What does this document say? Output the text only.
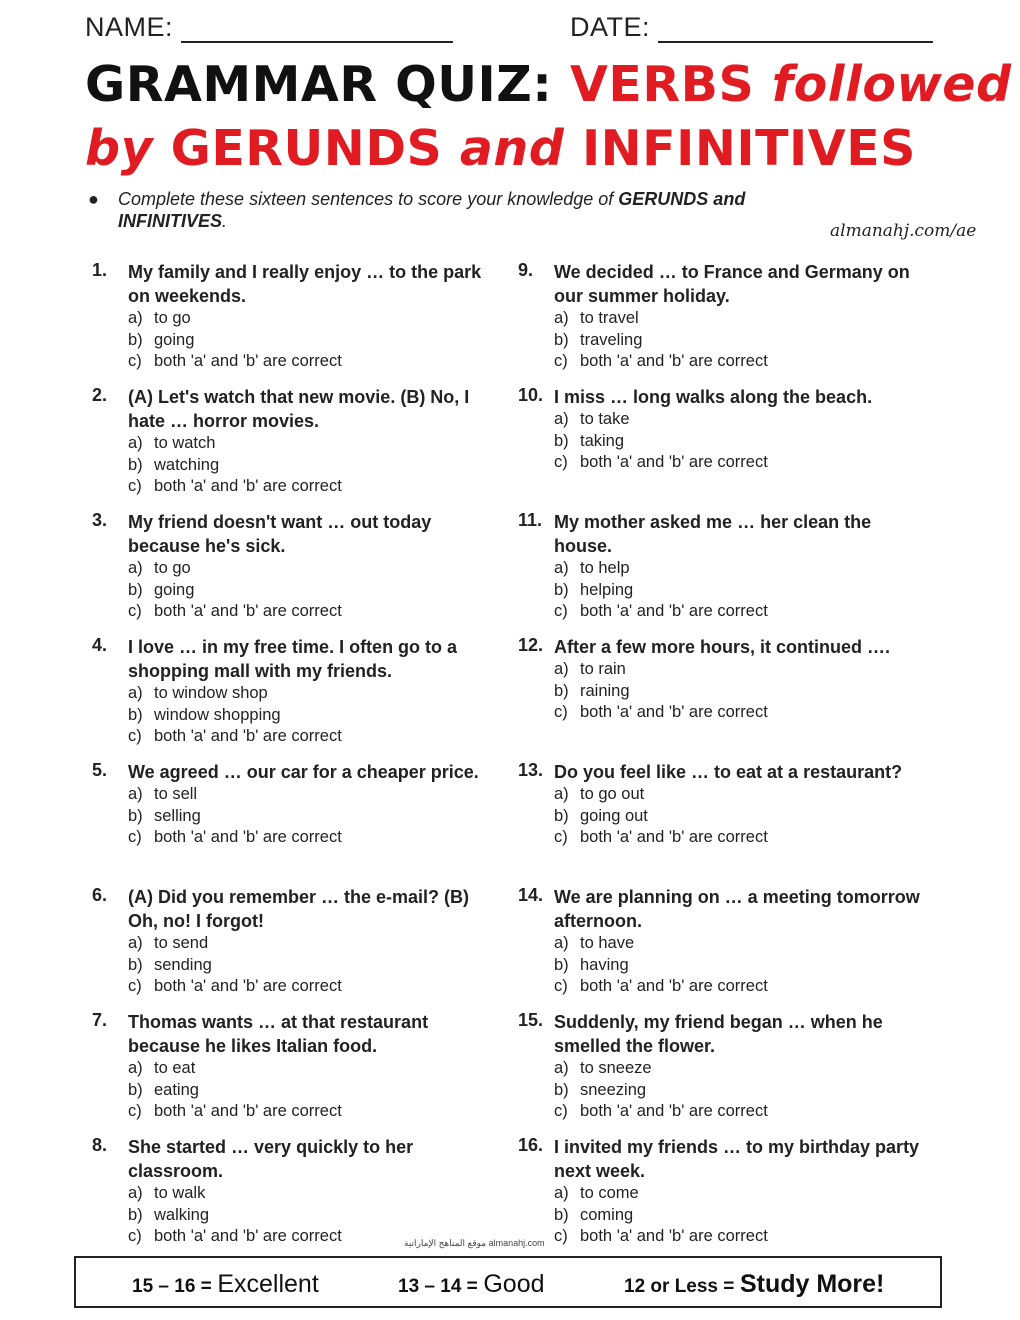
NAME:	DATE:
GRAMMAR QUIZ: VERBS followed
by GERUNDS and INFINITIVES
● Complete these sixteen sentences to score your knowledge of GERUNDS and INFINITIVES.	almanahj.com/ae
1. My family and I really enjoy … to the park on weekends.
a) to go
b) going
c) both 'a' and 'b' are correct
2. (A) Let's watch that new movie. (B) No, I hate … horror movies.
a) to watch
b) watching
c) both 'a' and 'b' are correct
3. My friend doesn't want … out today because he's sick.
a) to go
b) going
c) both 'a' and 'b' are correct
4. I love … in my free time. I often go to a shopping mall with my friends.
a) to window shop
b) window shopping
c) both 'a' and 'b' are correct
5. We agreed … our car for a cheaper price.
a) to sell
b) selling
c) both 'a' and 'b' are correct
6. (A) Did you remember … the e-mail? (B) Oh, no! I forgot!
a) to send
b) sending
c) both 'a' and 'b' are correct
7. Thomas wants … at that restaurant because he likes Italian food.
a) to eat
b) eating
c) both 'a' and 'b' are correct
8. She started … very quickly to her classroom.
a) to walk
b) walking
c) both 'a' and 'b' are correct
9. We decided … to France and Germany on our summer holiday.
a) to travel
b) traveling
c) both 'a' and 'b' are correct
10. I miss … long walks along the beach.
a) to take
b) taking
c) both 'a' and 'b' are correct
11. My mother asked me … her clean the house.
a) to help
b) helping
c) both 'a' and 'b' are correct
12. After a few more hours, it continued ….
a) to rain
b) raining
c) both 'a' and 'b' are correct
13. Do you feel like … to eat at a restaurant?
a) to go out
b) going out
c) both 'a' and 'b' are correct
14. We are planning on … a meeting tomorrow afternoon.
a) to have
b) having
c) both 'a' and 'b' are correct
15. Suddenly, my friend began … when he smelled the flower.
a) to sneeze
b) sneezing
c) both 'a' and 'b' are correct
16. I invited my friends … to my birthday party next week.
a) to come
b) coming
c) both 'a' and 'b' are correct
موقع المناهج الإماراتية almanahj.com
15 – 16 = Excellent	13 – 14 = Good	12 or Less = Study More!
